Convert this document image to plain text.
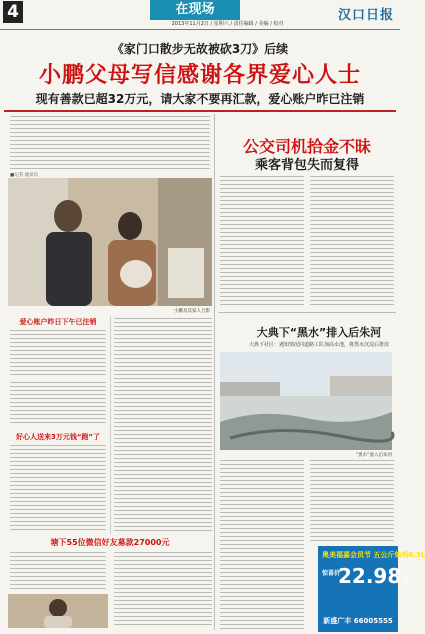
4	在现场
2013年11月2日 / 星期六 / 责任编辑 / 美编 / 校对
汉口日报
《家门口散步无故被砍3刀》后续
小鹏父母写信感谢各界爱心人士
现有善款已超32万元，请大家不要再汇款，爱心账户昨已注销
■记者 通讯员
小鹏及其家人合影
爱心账户昨日下午已注销
好心人送来3万元钱“跑”了
塘下55位微信好友募款27000元
公交司机拾金不昧
乘客背包失而复得
大典下“黑水”排入后朱河
大典下社区：遇知情况同道路工队加高水池，将黑水沉淀后排放
“黑水”流入后朱河
奥美福嘉会员节 五公斤柴鸡6.3L
惊喜价
22.98元
新盛广丰 66005555
